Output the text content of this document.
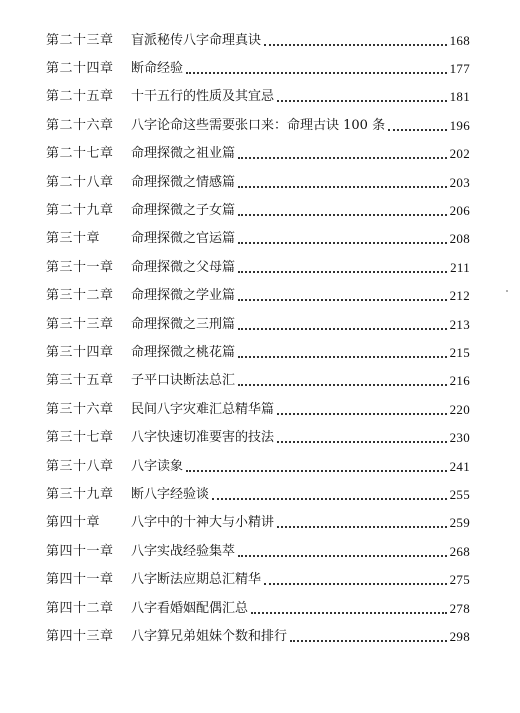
第二十三章	盲派秘传八字命理真诀	168
第二十四章	断命经验	177
第二十五章	十干五行的性质及其宜忌	181
第二十六章	八字论命这些需要张口来：命理古诀 100 条	196
第二十七章	命理探微之祖业篇	202
第二十八章	命理探微之情感篇	203
第二十九章	命理探微之子女篇	206
第三十章	命理探微之官运篇	208
第三十一章	命理探微之父母篇	211
第三十二章	命理探微之学业篇	212
第三十三章	命理探微之三刑篇	213
第三十四章	命理探微之桃花篇	215
第三十五章	子平口诀断法总汇	216
第三十六章	民间八字灾难汇总精华篇	220
第三十七章	八字快速切准要害的技法	230
第三十八章	八字读象	241
第三十九章	断八字经验谈	255
第四十章	八字中的十神大与小精讲	259
第四十一章	八字实战经验集萃	268
第四十一章	八字断法应期总汇精华	275
第四十二章	八字看婚姻配偶汇总	278
第四十三章	八字算兄弟姐妹个数和排行	298
